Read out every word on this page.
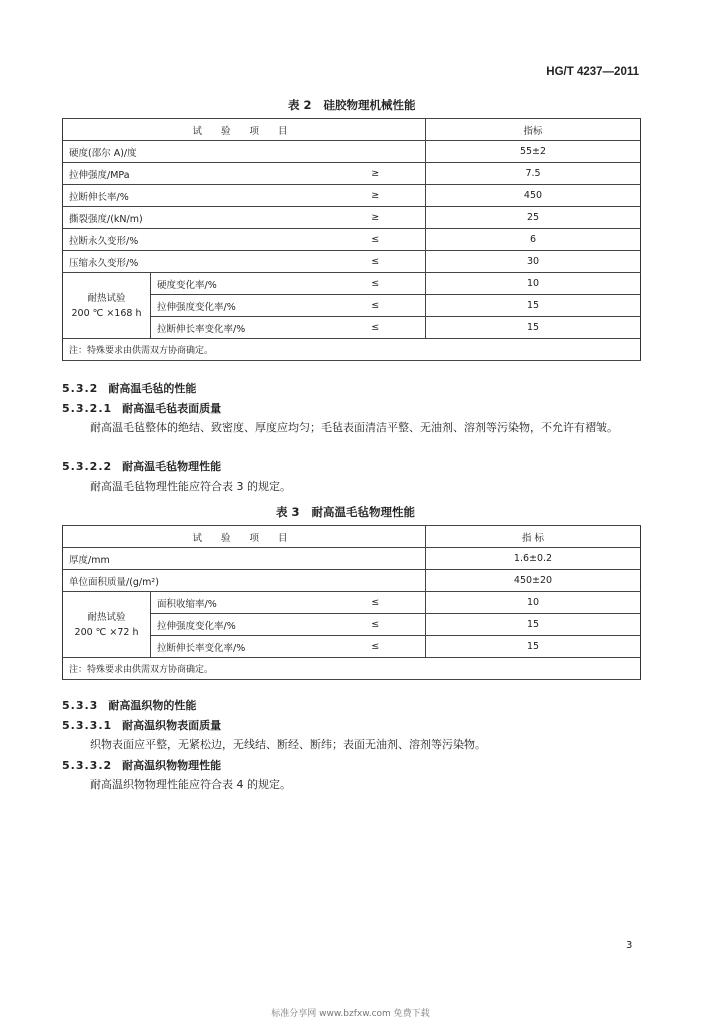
HG/T 4237—2011
表 2 硅胶物理机械性能
试 验 项 目			指标
硬度(邵尔 A)/度			55±2
拉伸强度/MPa		≥	7.5
拉断伸长率/%		≥	450
撕裂强度/(kN/m)		≥	25
拉断永久变形/%		≤	6
压缩永久变形/%		≤	30

耐热试验
200 ℃ ×168 h	硬度变化率/%	≤	10
	拉伸强度变化率/%	≤	15
	拉断伸长率变化率/%	≤	15
注：特殊要求由供需双方协商确定。			
5.3.2 耐高温毛毡的性能
5.3.2.1 耐高温毛毡表面质量
耐高温毛毡整体的绝结、致密度、厚度应均匀；毛毡表面清洁平整、无油剂、溶剂等污染物，不允许有褶皱。
5.3.2.2 耐高温毛毡物理性能
耐高温毛毡物理性能应符合表 3 的规定。
表 3 耐高温毛毡物理性能
试 验 项 目			指 标
厚度/mm			1.6±0.2
单位面积质量/(g/m²)			450±20

耐热试验
200 ℃ ×72 h	面积收缩率/%	≤	10
	拉伸强度变化率/%	≤	15
	拉断伸长率变化率/%	≤	15
注：特殊要求由供需双方协商确定。			
5.3.3 耐高温织物的性能
5.3.3.1 耐高温织物表面质量
织物表面应平整，无紧松边，无线结、断经、断纬；表面无油剂、溶剂等污染物。
5.3.3.2 耐高温织物物理性能
耐高温织物物理性能应符合表 4 的规定。
3
标准分享网 www.bzfxw.com 免费下载
